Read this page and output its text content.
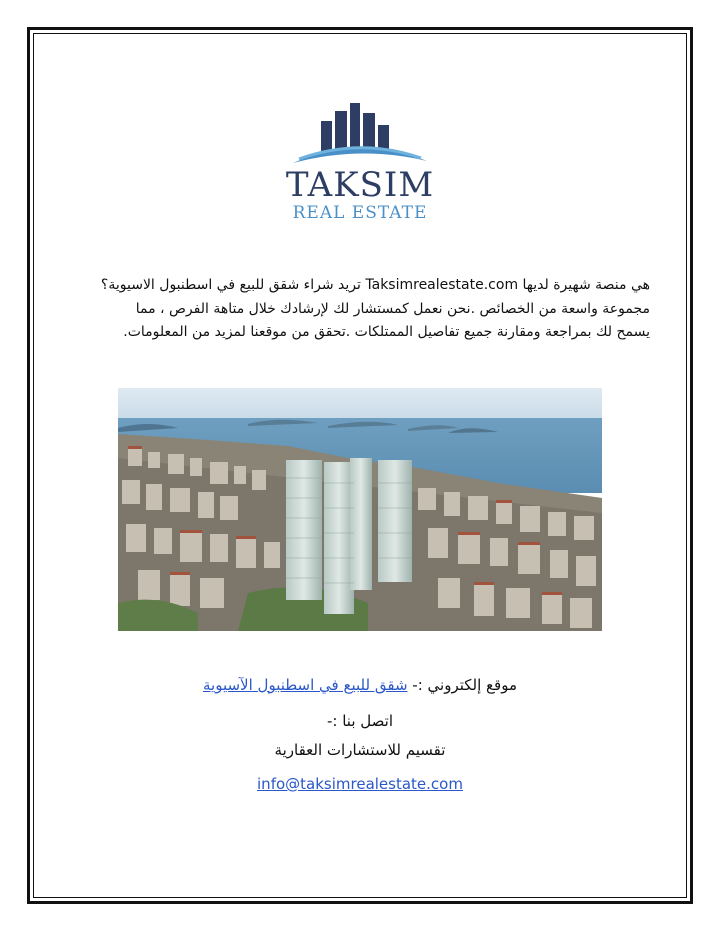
TAKSIM
REAL ESTATE

هي منصة شهيرة لديها Taksimrealestate.com تريد شراء شقق للبيع في اسطنبول الاسيوية؟

مجموعة واسعة من الخصائص .نحن نعمل كمستشار لك لإرشادك خلال متاهة الفرص ، مما

يسمح لك بمراجعة ومقارنة جميع تفاصيل الممتلكات .تحقق من موقعنا لمزيد من المعلومات.

موقع إلكتروني :- شقق للبيع في اسطنبول الآسيوية
اتصل بنا :-
تقسيم للاستشارات العقارية
info@taksimrealestate.com
